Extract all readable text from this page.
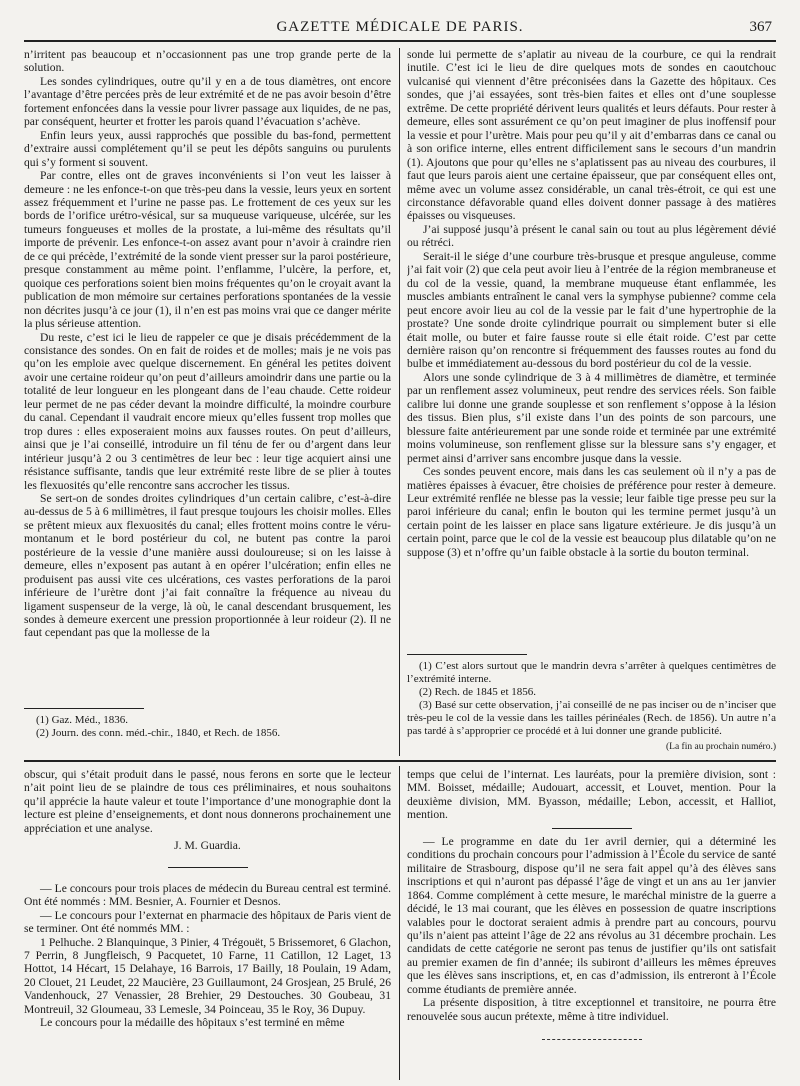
GAZETTE MÉDICALE DE PARIS.	367

n’irritent pas beaucoup et n’occasionnent pas une trop grande perte de la solution.

Les sondes cylindriques, outre qu’il y en a de tous diamètres, ont encore l’avantage d’être percées près de leur extrémité et de ne pas avoir besoin d’être fortement enfoncées dans la vessie pour livrer passage aux liquides, de ne pas, par conséquent, heurter et frotter les parois quand l’évacuation s’achève.

Enfin leurs yeux, aussi rapprochés que possible du bas-fond, permettent d’extraire aussi complétement qu’il se peut les dépôts sanguins ou purulents qui s’y forment si souvent.

Par contre, elles ont de graves inconvénients si l’on veut les laisser à demeure : ne les enfonce-t-on que très-peu dans la vessie, leurs yeux en sortent assez fréquemment et l’urine ne passe pas. Le frottement de ces yeux sur les bords de l’orifice urétro-vésical, sur sa muqueuse variqueuse, ulcérée, sur les tumeurs fongueuses et molles de la prostate, a lui-même des résultats qu’il importe de prévenir. Les enfonce-t-on assez avant pour n’avoir à craindre rien de ce qui précède, l’extrémité de la sonde vient presser sur la paroi postérieure, presque constamment au même point. l’enflamme, l’ulcère, la perfore, et, quoique ces perforations soient bien moins fréquentes qu’on le croyait avant la publication de mon mémoire sur certaines perforations spontanées de la vessie non décrites jusqu’à ce jour (1), il n’en est pas moins vrai que ce danger mérite la plus sérieuse attention.

Du reste, c’est ici le lieu de rappeler ce que je disais précédemment de la consistance des sondes. On en fait de roides et de molles; mais je ne vois pas qu’on les emploie avec quelque discernement. En général les petites doivent avoir une certaine roideur qu’on peut d’ailleurs amoindrir dans une partie ou la totalité de leur longueur en les plongeant dans de l’eau chaude. Cette roideur leur permet de ne pas céder devant la moindre difficulté, la moindre courbure du canal. Cependant il vaudrait encore mieux qu’elles fussent trop molles que trop dures : elles exposeraient moins aux fausses routes. On peut d’ailleurs, ainsi que je l’ai conseillé, introduire un fil ténu de fer ou d’argent dans leur intérieur jusqu’à 2 ou 3 centimètres de leur bec : leur tige acquiert ainsi une résistance suffisante, tandis que leur extrémité reste libre de se plier à toutes les flexuosités qu’elle rencontre sans accrocher les tissus.

Se sert-on de sondes droites cylindriques d’un certain calibre, c’est-à-dire au-dessus de 5 à 6 millimètres, il faut presque toujours les choisir molles. Elles se prêtent mieux aux flexuosités du canal; elles frottent moins contre le véru-montanum et le bord postérieur du col, ne butent pas contre la paroi postérieure de la vessie d’une manière aussi douloureuse; si on les laisse à demeure, elles n’exposent pas autant à en opérer l’ulcération; enfin elles ne produisent pas aussi vite ces ulcérations, ces vastes perforations de la paroi inférieure de l’urètre dont j’ai fait connaître la fréquence au niveau du ligament suspenseur de la verge, là où, le canal descendant brusquement, les sondes à demeure exercent une pression proportionnée à leur roideur (2). Il ne faut cependant pas que la mollesse de la

(1) Gaz. Méd., 1836.

(2) Journ. des conn. méd.-chir., 1840, et Rech. de 1856.

sonde lui permette de s’aplatir au niveau de la courbure, ce qui la rendrait inutile. C’est ici le lieu de dire quelques mots de sondes en caoutchouc vulcanisé qui viennent d’être préconisées dans la Gazette des hôpitaux. Ces sondes, que j’ai essayées, sont très-bien faites et elles ont d’une souplesse extrême. De cette propriété dérivent leurs qualités et leurs défauts. Pour rester à demeure, elles sont assurément ce qu’on peut imaginer de plus inoffensif pour la vessie et pour l’urètre. Mais pour peu qu’il y ait d’embarras dans ce canal ou à son orifice interne, elles entrent difficilement sans le secours d’un mandrin (1). Ajoutons que pour qu’elles ne s’aplatissent pas au niveau des courbures, il faut que leurs parois aient une certaine épaisseur, que par conséquent elles ont, même avec un volume assez considérable, un canal très-étroit, ce qui est une circonstance défavorable quand elles doivent donner passage à des matières épaisses ou visqueuses.

J’ai supposé jusqu’à présent le canal sain ou tout au plus légèrement dévié ou rétréci.

Serait-il le siége d’une courbure très-brusque et presque anguleuse, comme j’ai fait voir (2) que cela peut avoir lieu à l’entrée de la région membraneuse et du col de la vessie, quand, la membrane muqueuse étant enflammée, les muscles ambiants entraînent le canal vers la symphyse pubienne? comme cela peut encore avoir lieu au col de la vessie par le fait d’une hypertrophie de la prostate? Une sonde droite cylindrique pourrait ou simplement buter si elle était molle, ou buter et faire fausse route si elle était roide. C’est par cette dernière raison qu’on rencontre si fréquemment des fausses routes au fond du bulbe et immédiatement au-dessous du bord postérieur du col de la vessie.

Alors une sonde cylindrique de 3 à 4 millimètres de diamètre, et terminée par un renflement assez volumineux, peut rendre des services réels. Son faible calibre lui donne une grande souplesse et son renflement s’oppose à la lésion des tissus. Bien plus, s’il existe dans l’un des points de son parcours, une blessure faite antérieurement par une sonde roide et terminée par une extrémité moins volumineuse, son renflement glisse sur la blessure sans s’y engager, et permet ainsi d’arriver sans encombre jusque dans la vessie.

Ces sondes peuvent encore, mais dans les cas seulement où il n’y a pas de matières épaisses à évacuer, être choisies de préférence pour rester à demeure. Leur extrémité renflée ne blesse pas la vessie; leur faible tige presse peu sur la paroi inférieure du canal; enfin le bouton qui les termine permet jusqu’à un certain point de les laisser en place sans ligature extérieure. Je dis jusqu’à un certain point, parce que le col de la vessie est beaucoup plus dilatable qu’on ne suppose (3) et n’offre qu’un faible obstacle à la sortie du bouton terminal.

(1) C’est alors surtout que le mandrin devra s’arrêter à quelques centimètres de l’extrémité interne.

(2) Rech. de 1845 et 1856.

(3) Basé sur cette observation, j’ai conseillé de ne pas inciser ou de n’inciser que très-peu le col de la vessie dans les tailles périnéales (Rech. de 1856). Un autre n’a pas tardé à s’approprier ce procédé et à lui donner une grande publicité.

(La fin au prochain numéro.)

obscur, qui s’était produit dans le passé, nous ferons en sorte que le lecteur n’ait point lieu de se plaindre de tous ces préliminaires, et nous souhaitons qu’il apprécie la haute valeur et toute l’importance d’une monographie dont la lecture est pleine d’enseignements, et dont nous donnerons prochainement une appréciation et une analyse.

J. M. Guardia.

— Le concours pour trois places de médecin du Bureau central est terminé. Ont été nommés : MM. Besnier, A. Fournier et Desnos.

— Le concours pour l’externat en pharmacie des hôpitaux de Paris vient de se terminer. Ont été nommés MM. :

1 Pelhuche. 2 Blanquinque, 3 Pinier, 4 Trégouët, 5 Brissemoret, 6 Glachon, 7 Perrin, 8 Jungfleisch, 9 Pacquetet, 10 Farne, 11 Catillon, 12 Laget, 13 Hottot, 14 Hécart, 15 Delahaye, 16 Barrois, 17 Bailly, 18 Poulain, 19 Adam, 20 Clouet, 21 Leudet, 22 Maucière, 23 Guillaumont, 24 Grosjean, 25 Brulé, 26 Vandenhouck, 27 Venassier, 28 Brehier, 29 Destouches. 30 Goubeau, 31 Montreuil, 32 Gloumeau, 33 Lemesle, 34 Poinceau, 35 le Roy, 36 Dupuy.

Le concours pour la médaille des hôpitaux s’est terminé en même

temps que celui de l’internat. Les lauréats, pour la première division, sont : MM. Boisset, médaille; Audouart, accessit, et Louvet, mention. Pour la deuxième division, MM. Byasson, médaille; Lebon, accessit, et Halliot, mention.

— Le programme en date du 1er avril dernier, qui a déterminé les conditions du prochain concours pour l’admission à l’École du service de santé militaire de Strasbourg, dispose qu’il ne sera fait appel qu’à des élèves sans inscriptions et qui n’auront pas dépassé l’âge de vingt et un ans au 1er janvier 1864. Comme complément à cette mesure, le maréchal ministre de la guerre a décidé, le 13 mai courant, que les élèves en possession de quatre inscriptions valables pour le doctorat seraient admis à prendre part au concours, pourvu qu’ils n’aient pas atteint l’âge de 22 ans révolus au 31 décembre prochain. Les candidats de cette catégorie ne seront pas tenus de justifier qu’ils ont satisfait au premier examen de fin d’année; ils subiront d’ailleurs les mêmes épreuves que les élèves sans inscriptions, et, en cas d’admission, ils entreront à l’École comme étudiants de première année.

La présente disposition, à titre exceptionnel et transitoire, ne pourra être renouvelée sous aucun prétexte, même à titre individuel.
